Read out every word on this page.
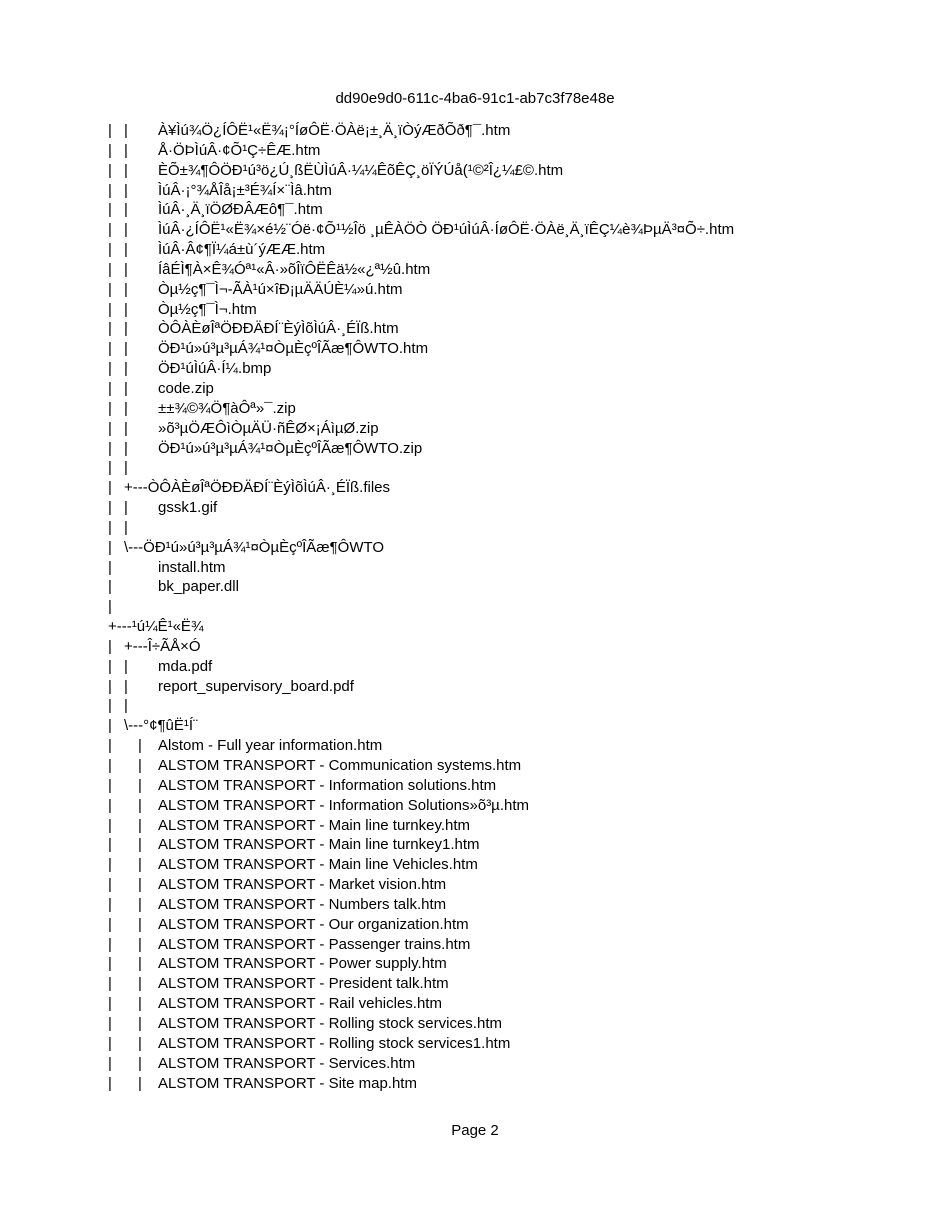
dd90e9d0-611c-4ba6-91c1-ab7c3f78e48e
| | À¥Ìú¾Ö¿ÍÔË¹«Ë¾¡°ÍøÔË·ÖÀë¡±¸Ä¸ïÒýÆðÕð¶¯.htm
| | Å·ÖÞÌúÂ·¢Õ¹Ç÷ÊÆ.htm
| | ÈÕ±¾¶ÔÖÐ¹ú³ö¿Ú¸ßËÙÌúÂ·¼¼ÊõÊÇ¸öÏÝÚå(¹©²Î¿¼£©.htm
| | ÌúÂ·¡°¾ÅÎå¡±³É¾Í×¨Ìâ.htm
| | ÌúÂ·¸Ä¸ïÖØÐÂÆô¶¯.htm
| | ÌúÂ·¿ÍÔË¹«Ë¾×é½¨Óë·¢Õ¹½Îö ¸µÊÀÖÒ ÖÐ¹úÌúÂ·ÍøÔË·ÖÀë¸Ä¸ïÊÇ¼è¾ÞµÄ³¤Õ÷.htm
| | ÌúÂ·Â¢¶Ï¼á±ù´ýÆÆ.htm
| | ÍâÉÌ¶À×Ê¾Óª¹«Â·»õÎïÔËÊä½«¿ª½û.htm
| | Òµ½ç¶¯Ì¬-ÃÀ¹ú×îÐ¡µÄÄÚÈ¼»ú.htm
| | Òµ½ç¶¯Ì¬.htm
| | ÒÔÀÈøÎªÖÐÐÄÐÍ¨ÈýÌõÌúÂ·¸ÉÏß.htm
| | ÖÐ¹ú»ú³µ³µÁ¾¹¤ÒµÈçºÎÃæ¶ÔWTO.htm
| | ÖÐ¹úÌúÂ·Í¼.bmp
| | code.zip
| | ±±¾©¾Ö¶àÔª»¯.zip
| | »õ³µÖÆÔìÒµÄÜ·ñÊØ×¡ÁìµØ.zip
| | ÖÐ¹ú»ú³µ³µÁ¾¹¤ÒµÈçºÎÃæ¶ÔWTO.zip
| |
| +---ÒÔÀÈøÎªÖÐÐÄÐÍ¨ÈýÌõÌúÂ·¸ÉÏß.files
| | gssk1.gif
| |
| \---ÖÐ¹ú»ú³µ³µÁ¾¹¤ÒµÈçºÎÃæ¶ÔWTO
|	install.htm
|	bk_paper.dll
|
+---¹ú¼Ê¹«Ë¾
| +---Î÷ÃÅ×Ó
| | mda.pdf
| | report_supervisory_board.pdf
| |
| \---°¢¶ûË¹Í¨
| | Alstom - Full year information.htm
| | ALSTOM TRANSPORT - Communication systems.htm
| | ALSTOM TRANSPORT - Information solutions.htm
| | ALSTOM TRANSPORT - Information Solutions»õ³µ.htm
| | ALSTOM TRANSPORT - Main line turnkey.htm
| | ALSTOM TRANSPORT - Main line turnkey1.htm
| | ALSTOM TRANSPORT - Main line Vehicles.htm
| | ALSTOM TRANSPORT - Market vision.htm
| | ALSTOM TRANSPORT - Numbers talk.htm
| | ALSTOM TRANSPORT - Our organization.htm
| | ALSTOM TRANSPORT - Passenger trains.htm
| | ALSTOM TRANSPORT - Power supply.htm
| | ALSTOM TRANSPORT - President talk.htm
| | ALSTOM TRANSPORT - Rail vehicles.htm
| | ALSTOM TRANSPORT - Rolling stock services.htm
| | ALSTOM TRANSPORT - Rolling stock services1.htm
| | ALSTOM TRANSPORT - Services.htm
| | ALSTOM TRANSPORT - Site map.htm
Page 2
